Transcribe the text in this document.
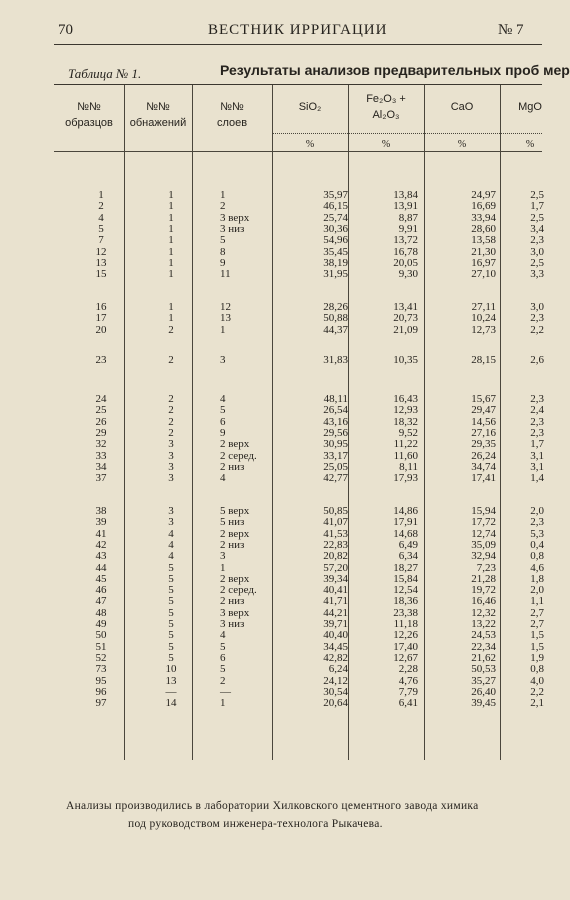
70	ВЕСТНИК ИРРИГАЦИИ	№ 7
Таблица № 1.	Результаты анализов предварительных проб мер
№№
образцов
№№
обнажений
№№
слоев
SiO₂
%
Fe₂O₃ +
Al₂O₃
%
CaO
%
MgO
%
1	1	1	35,97	13,84	24,97	2,5
2	1	2	46,15	13,91	16,69	1,7
4	1	3 верх	25,74	8,87	33,94	2,5
5	1	3 низ	30,36	9,91	28,60	3,4
7	1	5	54,96	13,72	13,58	2,3
12	1	8	35,45	16,78	21,30	3,0
13	1	9	38,19	20,05	16,97	2,5
15	1	11	31,95	9,30	27,10	3,3
16	1	12	28,26	13,41	27,11	3,0
17	1	13	50,88	20,73	10,24	2,3
20	2	1	44,37	21,09	12,73	2,2
23	2	3	31,83	10,35	28,15	2,6
24	2	4	48,11	16,43	15,67	2,3
25	2	5	26,54	12,93	29,47	2,4
26	2	6	43,16	18,32	14,56	2,3
29	2	9	29,56	9,52	27,16	2,3
32	3	2 верх	30,95	11,22	29,35	1,7
33	3	2 серед.	33,17	11,60	26,24	3,1
34	3	2 низ	25,05	8,11	34,74	3,1
37	3	4	42,77	17,93	17,41	1,4
38	3	5 верх	50,85	14,86	15,94	2,0
39	3	5 низ	41,07	17,91	17,72	2,3
41	4	2 верх	41,53	14,68	12,74	5,3
42	4	2 низ	22,83	6,49	35,09	0,4
43	4	3	20,82	6,34	32,94	0,8
44	5	1	57,20	18,27	7,23	4,6
45	5	2 верх	39,34	15,84	21,28	1,8
46	5	2 серед.	40,41	12,54	19,72	2,0
47	5	2 низ	41,71	18,36	16,46	1,1
48	5	3 верх	44,21	23,38	12,32	2,7
49	5	3 низ	39,71	11,18	13,22	2,7
50	5	4	40,40	12,26	24,53	1,5
51	5	5	34,45	17,40	22,34	1,5
52	5	6	42,82	12,67	21,62	1,9
73	10	5	6,24	2,28	50,53	0,8
95	13	2	24,12	4,76	35,27	4,0
96	—	—	30,54	7,79	26,40	2,2
97	14	1	20,64	6,41	39,45	2,1
Анализы производились в лаборатории Хилковского цементного завода химика
под руководством инженера-технолога Рыкачева.
